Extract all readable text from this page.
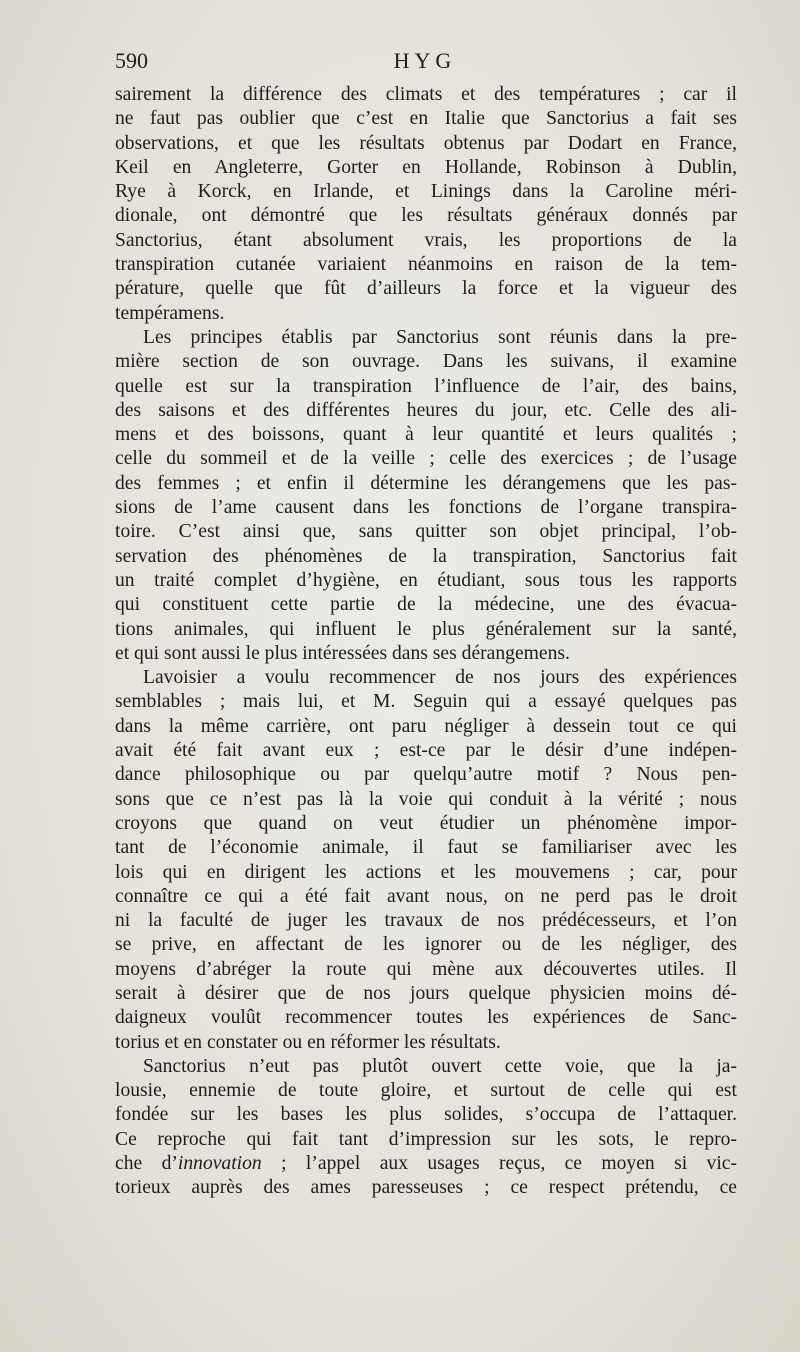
590	HYG
sairement la différence des climats et des températures ; car il
ne faut pas oublier que c’est en Italie que Sanctorius a fait ses
observations, et que les résultats obtenus par Dodart en France,
Keil en Angleterre, Gorter en Hollande, Robinson à Dublin,
Rye à Korck, en Irlande, et Linings dans la Caroline méri-
dionale, ont démontré que les résultats généraux donnés par
Sanctorius, étant absolument vrais, les proportions de la
transpiration cutanée variaient néanmoins en raison de la tem-
pérature, quelle que fût d’ailleurs la force et la vigueur des
tempéramens.
Les principes établis par Sanctorius sont réunis dans la pre-
mière section de son ouvrage. Dans les suivans, il examine
quelle est sur la transpiration l’influence de l’air, des bains,
des saisons et des différentes heures du jour, etc. Celle des ali-
mens et des boissons, quant à leur quantité et leurs qualités ;
celle du sommeil et de la veille ; celle des exercices ; de l’usage
des femmes ; et enfin il détermine les dérangemens que les pas-
sions de l’ame causent dans les fonctions de l’organe transpira-
toire. C’est ainsi que, sans quitter son objet principal, l’ob-
servation des phénomènes de la transpiration, Sanctorius fait
un traité complet d’hygiène, en étudiant, sous tous les rapports
qui constituent cette partie de la médecine, une des évacua-
tions animales, qui influent le plus généralement sur la santé,
et qui sont aussi le plus intéressées dans ses dérangemens.
Lavoisier a voulu recommencer de nos jours des expériences
semblables ; mais lui, et M. Seguin qui a essayé quelques pas
dans la même carrière, ont paru négliger à dessein tout ce qui
avait été fait avant eux ; est-ce par le désir d’une indépen-
dance philosophique ou par quelqu’autre motif ? Nous pen-
sons que ce n’est pas là la voie qui conduit à la vérité ; nous
croyons que quand on veut étudier un phénomène impor-
tant de l’économie animale, il faut se familiariser avec les
lois qui en dirigent les actions et les mouvemens ; car, pour
connaître ce qui a été fait avant nous, on ne perd pas le droit
ni la faculté de juger les travaux de nos prédécesseurs, et l’on
se prive, en affectant de les ignorer ou de les négliger, des
moyens d’abréger la route qui mène aux découvertes utiles. Il
serait à désirer que de nos jours quelque physicien moins dé-
daigneux voulût recommencer toutes les expériences de Sanc-
torius et en constater ou en réformer les résultats.
Sanctorius n’eut pas plutôt ouvert cette voie, que la ja-
lousie, ennemie de toute gloire, et surtout de celle qui est
fondée sur les bases les plus solides, s’occupa de l’attaquer.
Ce reproche qui fait tant d’impression sur les sots, le repro-
che d’innovation ; l’appel aux usages reçus, ce moyen si vic-
torieux auprès des ames paresseuses ; ce respect prétendu, ce
